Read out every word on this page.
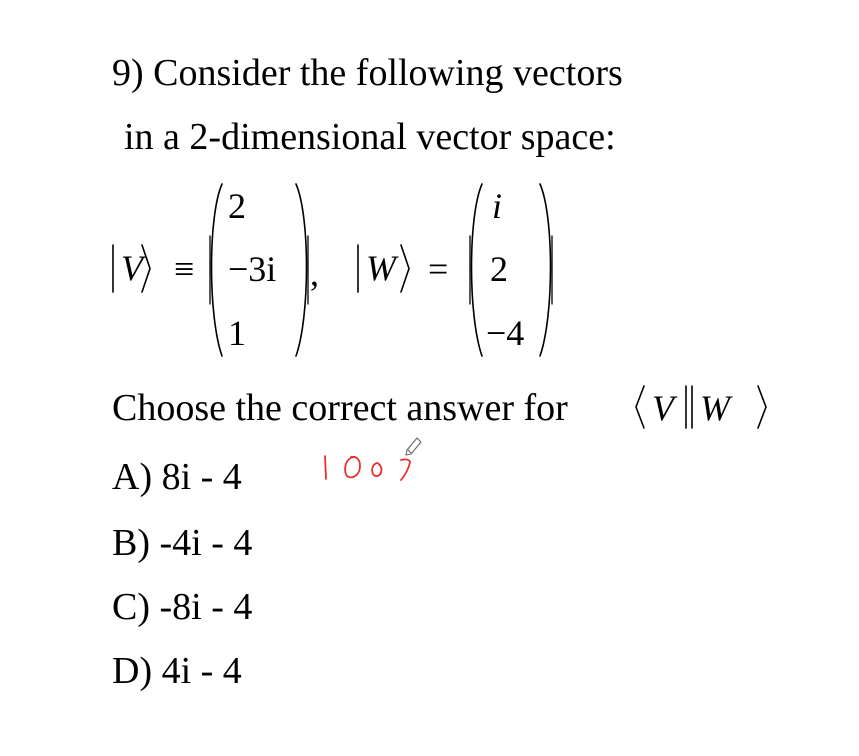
9) Consider the following vectors
in a 2-dimensional vector space:
V ≡
2
−3i
1
, W =
i
2
−4
Choose the correct answer for V W
A) 8i - 4
B) -4i - 4
C) -8i - 4
D) 4i - 4
